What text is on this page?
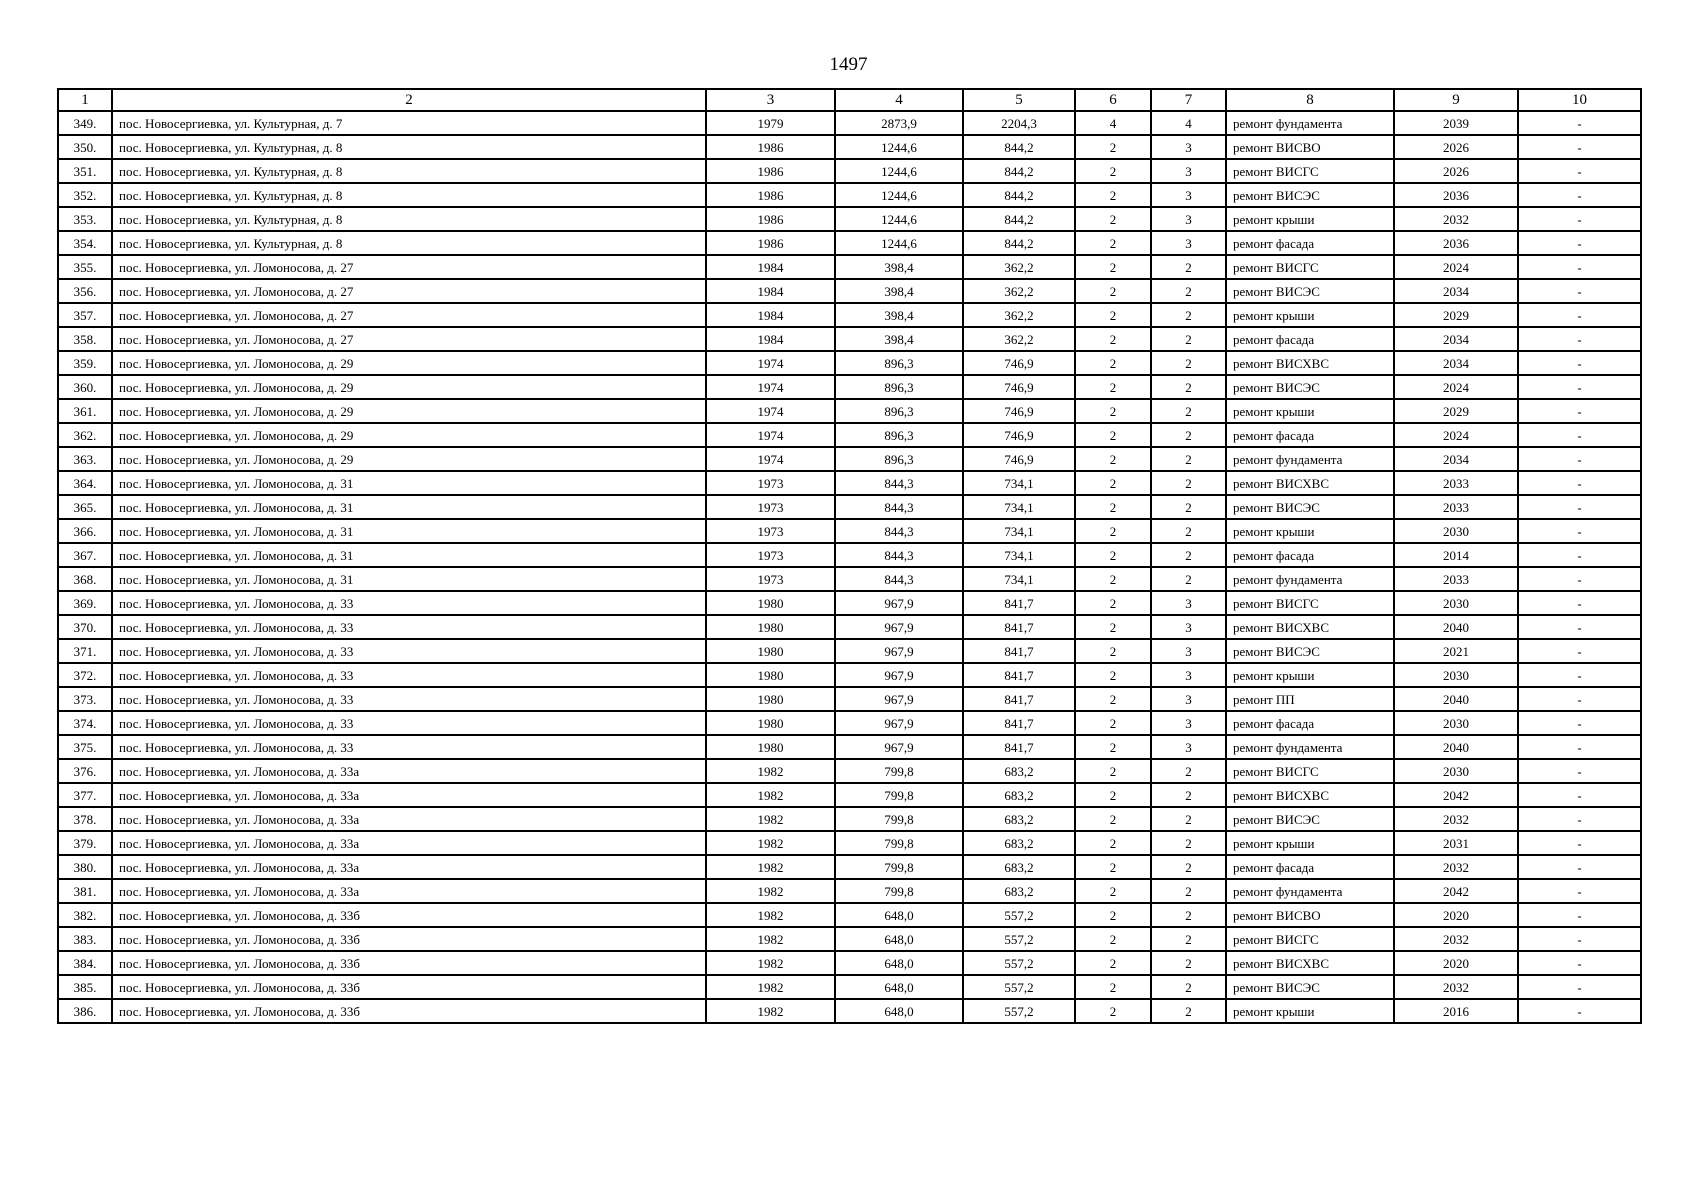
1497
1	2	3	4	5	6	7	8	9	10
349.	пос. Новосергиевка, ул. Культурная, д. 7	1979	2873,9	2204,3	4	4	ремонт фундамента	2039	-
350.	пос. Новосергиевка, ул. Культурная, д. 8	1986	1244,6	844,2	2	3	ремонт ВИСВО	2026	-
351.	пос. Новосергиевка, ул. Культурная, д. 8	1986	1244,6	844,2	2	3	ремонт ВИСГС	2026	-
352.	пос. Новосергиевка, ул. Культурная, д. 8	1986	1244,6	844,2	2	3	ремонт ВИСЭС	2036	-
353.	пос. Новосергиевка, ул. Культурная, д. 8	1986	1244,6	844,2	2	3	ремонт крыши	2032	-
354.	пос. Новосергиевка, ул. Культурная, д. 8	1986	1244,6	844,2	2	3	ремонт фасада	2036	-
355.	пос. Новосергиевка, ул. Ломоносова, д. 27	1984	398,4	362,2	2	2	ремонт ВИСГС	2024	-
356.	пос. Новосергиевка, ул. Ломоносова, д. 27	1984	398,4	362,2	2	2	ремонт ВИСЭС	2034	-
357.	пос. Новосергиевка, ул. Ломоносова, д. 27	1984	398,4	362,2	2	2	ремонт крыши	2029	-
358.	пос. Новосергиевка, ул. Ломоносова, д. 27	1984	398,4	362,2	2	2	ремонт фасада	2034	-
359.	пос. Новосергиевка, ул. Ломоносова, д. 29	1974	896,3	746,9	2	2	ремонт ВИСХВС	2034	-
360.	пос. Новосергиевка, ул. Ломоносова, д. 29	1974	896,3	746,9	2	2	ремонт ВИСЭС	2024	-
361.	пос. Новосергиевка, ул. Ломоносова, д. 29	1974	896,3	746,9	2	2	ремонт крыши	2029	-
362.	пос. Новосергиевка, ул. Ломоносова, д. 29	1974	896,3	746,9	2	2	ремонт фасада	2024	-
363.	пос. Новосергиевка, ул. Ломоносова, д. 29	1974	896,3	746,9	2	2	ремонт фундамента	2034	-
364.	пос. Новосергиевка, ул. Ломоносова, д. 31	1973	844,3	734,1	2	2	ремонт ВИСХВС	2033	-
365.	пос. Новосергиевка, ул. Ломоносова, д. 31	1973	844,3	734,1	2	2	ремонт ВИСЭС	2033	-
366.	пос. Новосергиевка, ул. Ломоносова, д. 31	1973	844,3	734,1	2	2	ремонт крыши	2030	-
367.	пос. Новосергиевка, ул. Ломоносова, д. 31	1973	844,3	734,1	2	2	ремонт фасада	2014	-
368.	пос. Новосергиевка, ул. Ломоносова, д. 31	1973	844,3	734,1	2	2	ремонт фундамента	2033	-
369.	пос. Новосергиевка, ул. Ломоносова, д. 33	1980	967,9	841,7	2	3	ремонт ВИСГС	2030	-
370.	пос. Новосергиевка, ул. Ломоносова, д. 33	1980	967,9	841,7	2	3	ремонт ВИСХВС	2040	-
371.	пос. Новосергиевка, ул. Ломоносова, д. 33	1980	967,9	841,7	2	3	ремонт ВИСЭС	2021	-
372.	пос. Новосергиевка, ул. Ломоносова, д. 33	1980	967,9	841,7	2	3	ремонт крыши	2030	-
373.	пос. Новосергиевка, ул. Ломоносова, д. 33	1980	967,9	841,7	2	3	ремонт ПП	2040	-
374.	пос. Новосергиевка, ул. Ломоносова, д. 33	1980	967,9	841,7	2	3	ремонт фасада	2030	-
375.	пос. Новосергиевка, ул. Ломоносова, д. 33	1980	967,9	841,7	2	3	ремонт фундамента	2040	-
376.	пос. Новосергиевка, ул. Ломоносова, д. 33а	1982	799,8	683,2	2	2	ремонт ВИСГС	2030	-
377.	пос. Новосергиевка, ул. Ломоносова, д. 33а	1982	799,8	683,2	2	2	ремонт ВИСХВС	2042	-
378.	пос. Новосергиевка, ул. Ломоносова, д. 33а	1982	799,8	683,2	2	2	ремонт ВИСЭС	2032	-
379.	пос. Новосергиевка, ул. Ломоносова, д. 33а	1982	799,8	683,2	2	2	ремонт крыши	2031	-
380.	пос. Новосергиевка, ул. Ломоносова, д. 33а	1982	799,8	683,2	2	2	ремонт фасада	2032	-
381.	пос. Новосергиевка, ул. Ломоносова, д. 33а	1982	799,8	683,2	2	2	ремонт фундамента	2042	-
382.	пос. Новосергиевка, ул. Ломоносова, д. 33б	1982	648,0	557,2	2	2	ремонт ВИСВО	2020	-
383.	пос. Новосергиевка, ул. Ломоносова, д. 33б	1982	648,0	557,2	2	2	ремонт ВИСГС	2032	-
384.	пос. Новосергиевка, ул. Ломоносова, д. 33б	1982	648,0	557,2	2	2	ремонт ВИСХВС	2020	-
385.	пос. Новосергиевка, ул. Ломоносова, д. 33б	1982	648,0	557,2	2	2	ремонт ВИСЭС	2032	-
386.	пос. Новосергиевка, ул. Ломоносова, д. 33б	1982	648,0	557,2	2	2	ремонт крыши	2016	-
